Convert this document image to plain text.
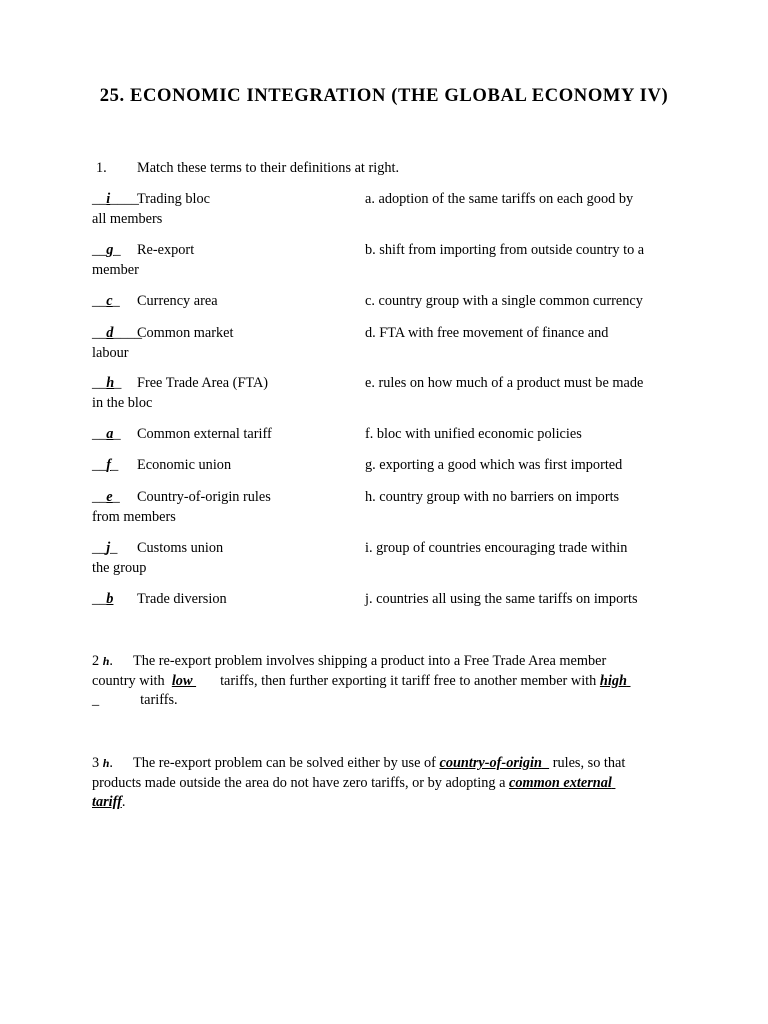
25. ECONOMIC INTEGRATION (THE GLOBAL ECONOMY IV)
1. Match these terms to their definitions at right.
__i____Trading bloc	a. adoption of the same tariffs on each good by
all members
__g_ Re-export	b. shift from importing from outside country to a
member
__c_ Currency area	c. country group with a single common currency
__d____Common market	d. FTA with free movement of finance and
labour
__h_ Free Trade Area (FTA)	e. rules on how much of a product must be made
in the bloc
__a_ Common external tariff	f. bloc with unified economic policies
__f_ Economic union	g. exporting a good which was first imported
__e_ Country-of-origin rules	h. country group with no barriers on imports
from members
__j_ Customs union	i. group of countries encouraging trade within
the group
__b Trade diversion	j. countries all using the same tariffs on imports
2 h. The re-export problem involves shipping a product into a Free Trade Area member
country with low tariffs, then further exporting it tariff free to another member with high
_	tariffs.
3 h. The re-export problem can be solved either by use of country-of-origin rules, so that
products made outside the area do not have zero tariffs, or by adopting a common external
tariff.
